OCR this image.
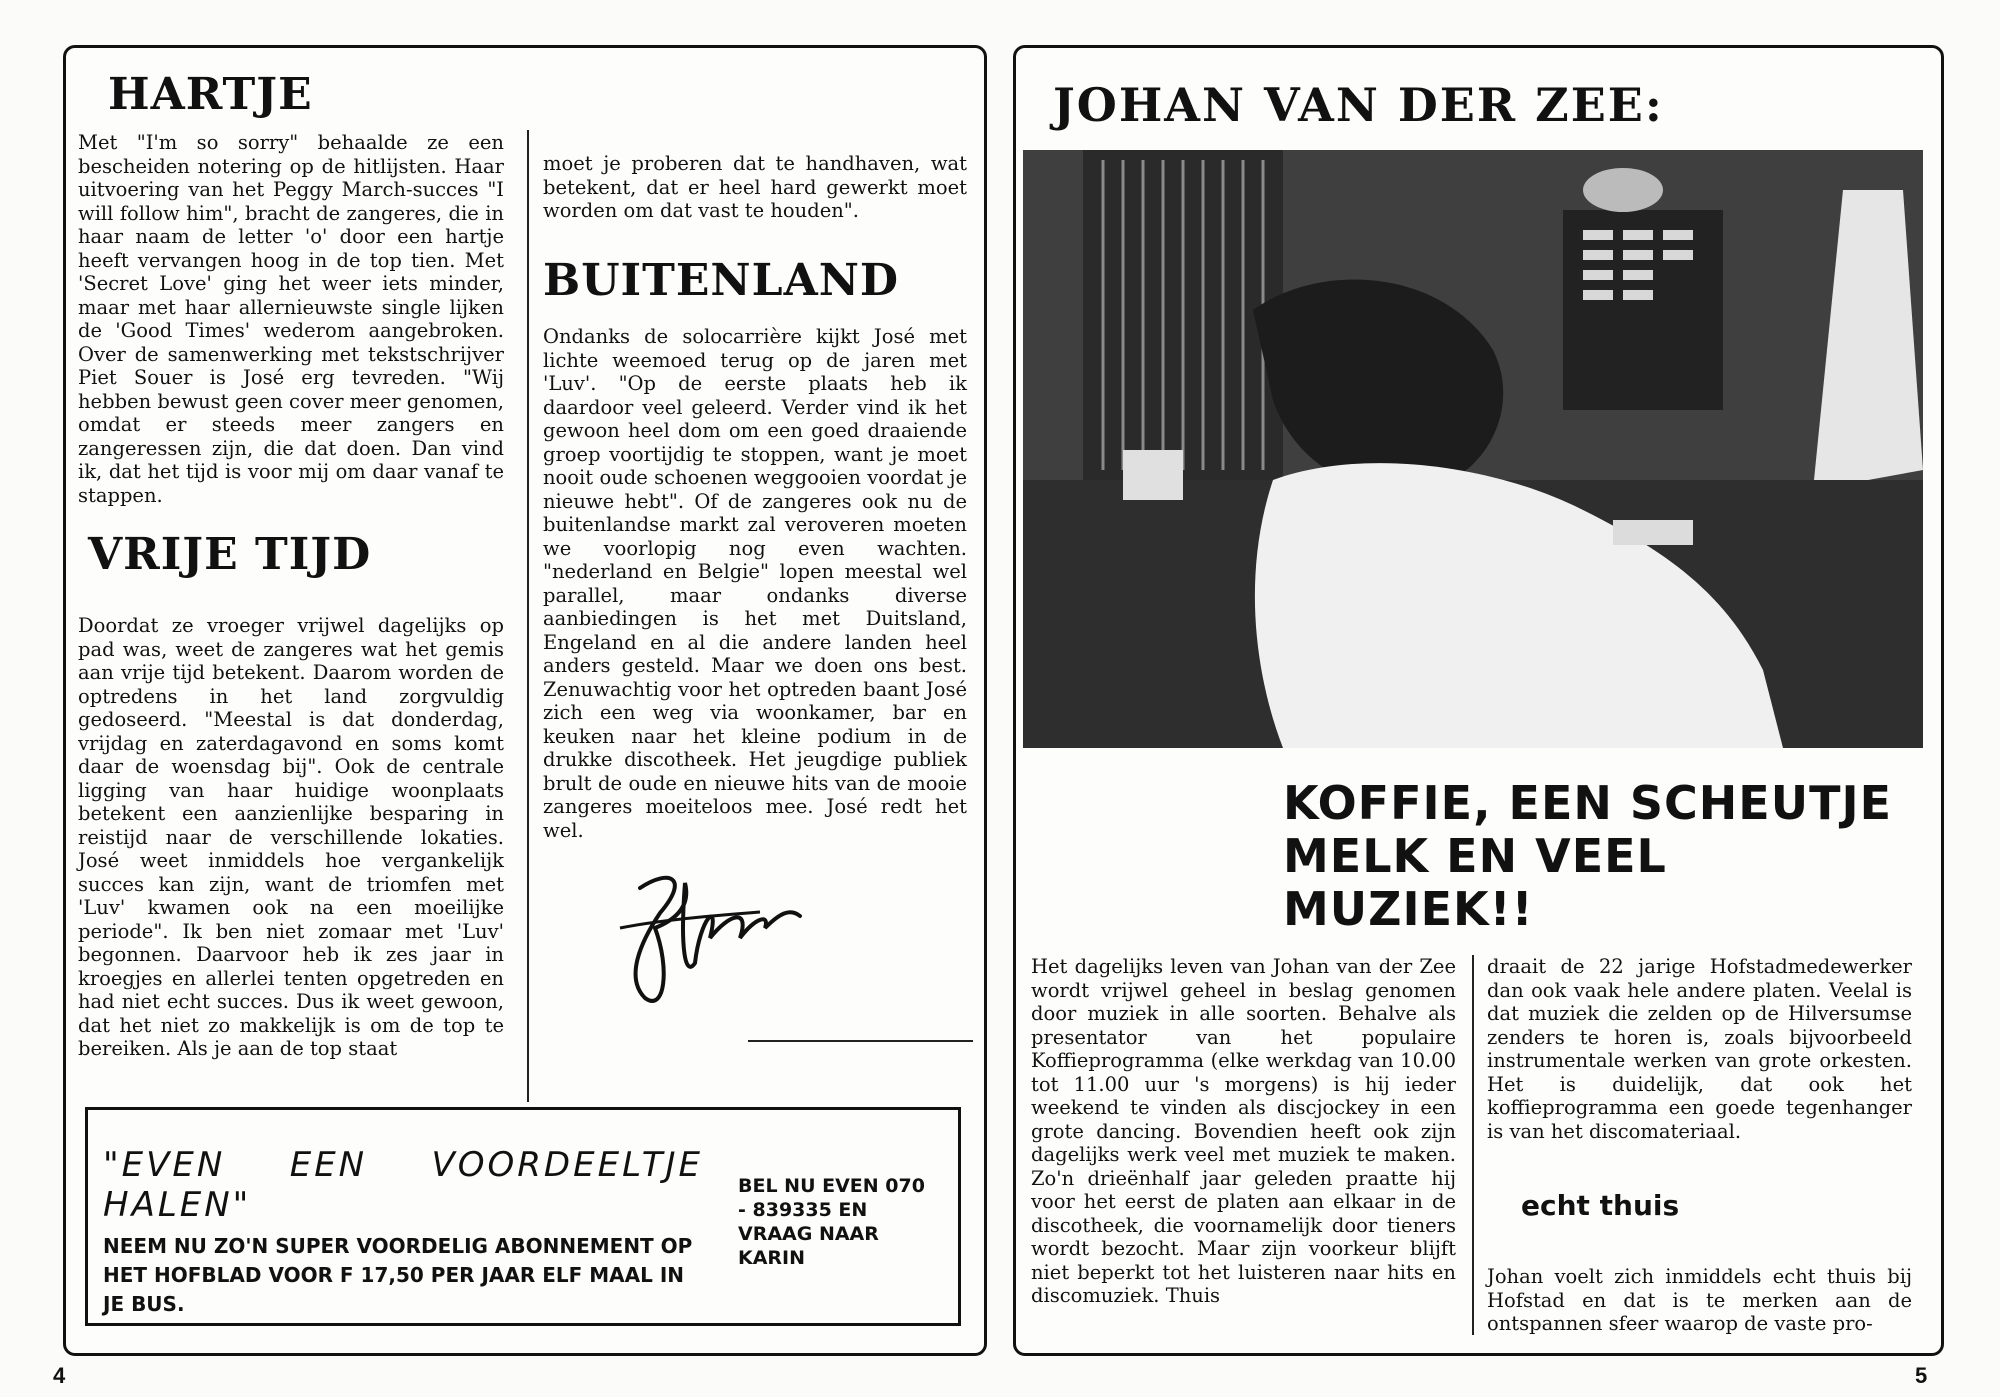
HARTJE

Met "I'm so sorry" behaalde ze een bescheiden notering op de hitlijsten. Haar uitvoering van het Peggy March-succes "I will follow him", bracht de zangeres, die in haar naam de letter 'o' door een hartje heeft vervangen hoog in de top tien. Met 'Secret Love' ging het weer iets minder, maar met haar allernieuwste single lijken de 'Good Times' wederom aangebroken. Over de samenwerking met tekstschrijver Piet Souer is José erg tevreden. "Wij hebben bewust geen cover meer genomen, omdat er steeds meer zangers en zangeressen zijn, die dat doen. Dan vind ik, dat het tijd is voor mij om daar vanaf te stappen.

VRIJE TIJD

Doordat ze vroeger vrijwel dagelijks op pad was, weet de zangeres wat het gemis aan vrije tijd betekent. Daarom worden de optredens in het land zorgvuldig gedoseerd. "Meestal is dat donderdag, vrijdag en zaterdagavond en soms komt daar de woensdag bij". Ook de centrale ligging van haar huidige woonplaats betekent een aanzienlijke besparing in reistijd naar de verschillende lokaties. José weet inmiddels hoe vergankelijk succes kan zijn, want de triomfen met 'Luv' kwamen ook na een moeilijke periode". Ik ben niet zomaar met 'Luv' begonnen. Daarvoor heb ik zes jaar in kroegjes en allerlei tenten opgetreden en had niet echt succes. Dus ik weet gewoon, dat het niet zo makkelijk is om de top te bereiken. Als je aan de top staat

moet je proberen dat te handhaven, wat betekent, dat er heel hard gewerkt moet worden om dat vast te houden".

BUITENLAND

Ondanks de solocarrière kijkt José met lichte weemoed terug op de jaren met 'Luv'. "Op de eerste plaats heb ik daardoor veel geleerd. Verder vind ik het gewoon heel dom om een goed draaiende groep voortijdig te stoppen, want je moet nooit oude schoenen weggooien voordat je nieuwe hebt". Of de zangeres ook nu de buitenlandse markt zal veroveren moeten we voorlopig nog even wachten. "nederland en Belgie" lopen meestal wel parallel, maar ondanks diverse aanbiedingen is het met Duitsland, Engeland en al die andere landen heel anders gesteld. Maar we doen ons best. Zenuwachtig voor het optreden baant José zich een weg via woonkamer, bar en keuken naar het kleine podium in de drukke discotheek. Het jeugdige publiek brult de oude en nieuwe hits van de mooie zangeres moeiteloos mee. José redt het wel.

"EVEN EEN VOORDEELTJE HALEN"
NEEM NU ZO'N SUPER VOORDELIG ABONNEMENT OP HET HOFBLAD VOOR F 17,50 PER JAAR ELF MAAL IN JE BUS.
BEL NU EVEN 070 - 839335 EN VRAAG NAAR KARIN
4
JOHAN VAN DER ZEE:
KOFFIE, EEN SCHEUTJE MELK EN VEEL MUZIEK!!

Het dagelijks leven van Johan van der Zee wordt vrijwel geheel in beslag genomen door muziek in alle soorten. Behalve als presentator van het populaire Koffieprogramma (elke werkdag van 10.00 tot 11.00 uur 's morgens) is hij ieder weekend te vinden als discjockey in een grote dancing. Bovendien heeft ook zijn dagelijks werk veel met muziek te maken. Zo'n drieënhalf jaar geleden praatte hij voor het eerst de platen aan elkaar in de discotheek, die voornamelijk door tieners wordt bezocht. Maar zijn voorkeur blijft niet beperkt tot het luisteren naar hits en discomuziek. Thuis

draait de 22 jarige Hofstadmedewerker dan ook vaak hele andere platen. Veelal is dat muziek die zelden op de Hilversumse zenders te horen is, zoals bijvoorbeeld instrumentale werken van grote orkesten. Het is duidelijk, dat ook het koffieprogramma een goede tegenhanger is van het discomateriaal.

echt thuis

Johan voelt zich inmiddels echt thuis bij Hofstad en dat is te merken aan de ontspannen sfeer waarop de vaste pro-

5
